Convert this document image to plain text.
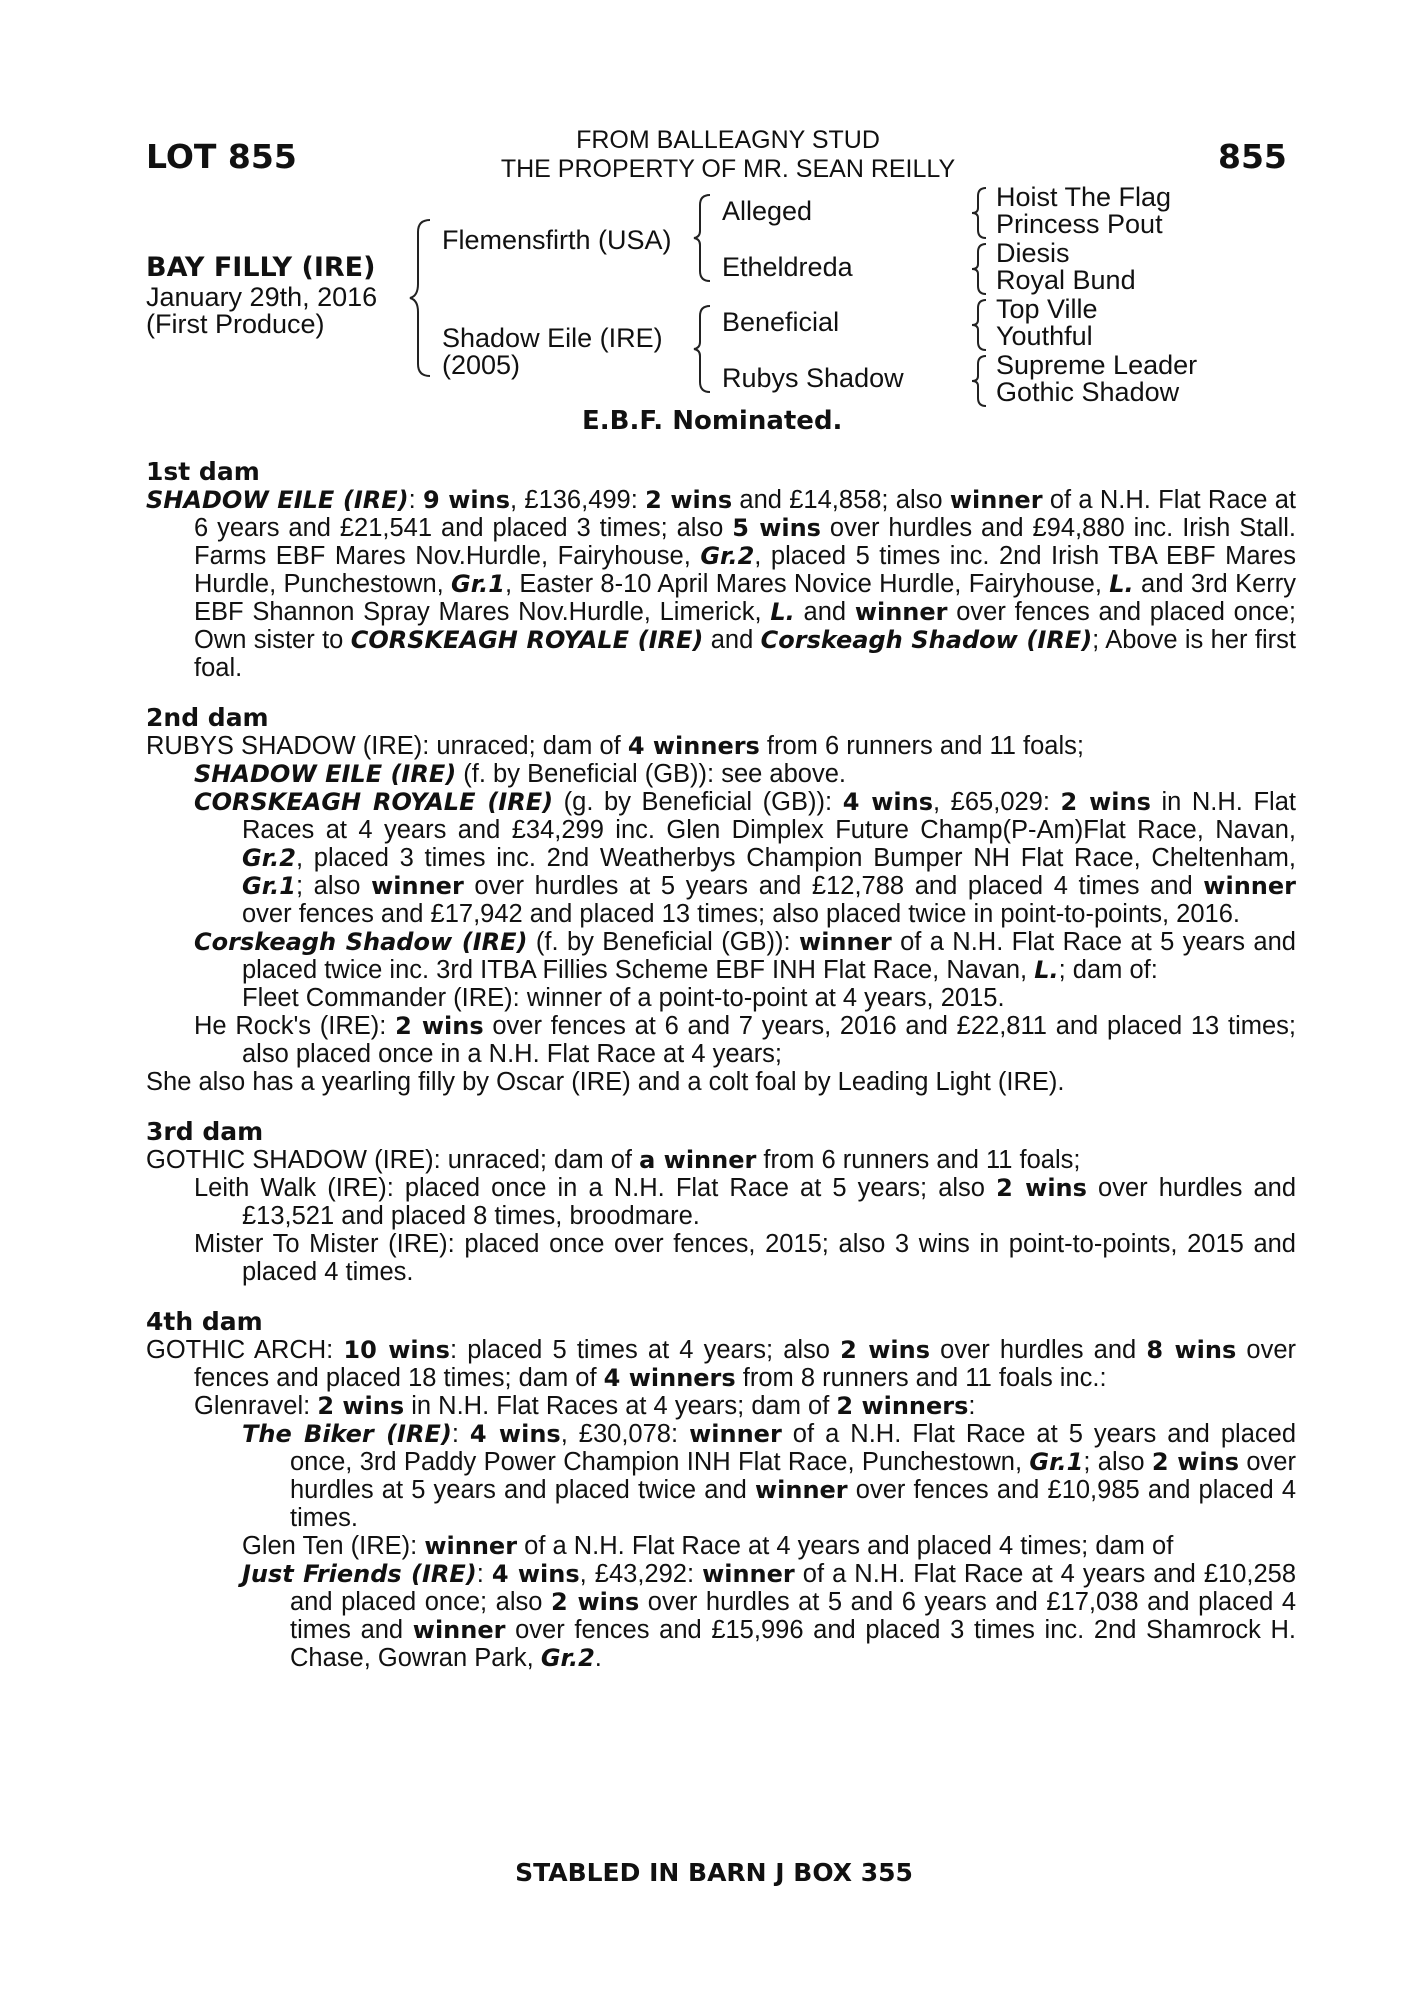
LOT 855	855
FROM BALLEAGNY STUD
THE PROPERTY OF MR. SEAN REILLY
BAY FILLY (IRE)
January 29th, 2016
(First Produce)
Flemensfirth (USA)
Shadow Eile (IRE)
(2005)
Alleged
Etheldreda
Beneficial
Rubys Shadow
Hoist The Flag
Princess Pout
Diesis
Royal Bund
Top Ville
Youthful
Supreme Leader
Gothic Shadow
E.B.F. Nominated.
1st dam
SHADOW EILE (IRE): 9 wins, £136,499: 2 wins and £14,858; also winner of a N.H. Flat Race at 6 years and £21,541 and placed 3 times; also 5 wins over hurdles and £94,880 inc. Irish Stall. Farms EBF Mares Nov.Hurdle, Fairyhouse, Gr.2, placed 5 times inc. 2nd Irish TBA EBF Mares Hurdle, Punchestown, Gr.1, Easter 8-10 April Mares Novice Hurdle, Fairyhouse, L. and 3rd Kerry EBF Shannon Spray Mares Nov.Hurdle, Limerick, L. and winner over fences and placed once; Own sister to CORSKEAGH ROYALE (IRE) and Corskeagh Shadow (IRE); Above is her first foal.
2nd dam
RUBYS SHADOW (IRE): unraced; dam of 4 winners from 6 runners and 11 foals;
SHADOW EILE (IRE) (f. by Beneficial (GB)): see above.
CORSKEAGH ROYALE (IRE) (g. by Beneficial (GB)): 4 wins, £65,029: 2 wins in N.H. Flat Races at 4 years and £34,299 inc. Glen Dimplex Future Champ(P-Am)Flat Race, Navan, Gr.2, placed 3 times inc. 2nd Weatherbys Champion Bumper NH Flat Race, Cheltenham, Gr.1; also winner over hurdles at 5 years and £12,788 and placed 4 times and winner over fences and £17,942 and placed 13 times; also placed twice in point-to-points, 2016.
Corskeagh Shadow (IRE) (f. by Beneficial (GB)): winner of a N.H. Flat Race at 5 years and placed twice inc. 3rd ITBA Fillies Scheme EBF INH Flat Race, Navan, L.; dam of:
Fleet Commander (IRE): winner of a point-to-point at 4 years, 2015.
He Rock's (IRE): 2 wins over fences at 6 and 7 years, 2016 and £22,811 and placed 13 times; also placed once in a N.H. Flat Race at 4 years;
She also has a yearling filly by Oscar (IRE) and a colt foal by Leading Light (IRE).
3rd dam
GOTHIC SHADOW (IRE): unraced; dam of a winner from 6 runners and 11 foals;
Leith Walk (IRE): placed once in a N.H. Flat Race at 5 years; also 2 wins over hurdles and £13,521 and placed 8 times, broodmare.
Mister To Mister (IRE): placed once over fences, 2015; also 3 wins in point-to-points, 2015 and placed 4 times.
4th dam
GOTHIC ARCH: 10 wins: placed 5 times at 4 years; also 2 wins over hurdles and 8 wins over fences and placed 18 times; dam of 4 winners from 8 runners and 11 foals inc.:
Glenravel: 2 wins in N.H. Flat Races at 4 years; dam of 2 winners:
The Biker (IRE): 4 wins, £30,078: winner of a N.H. Flat Race at 5 years and placed once, 3rd Paddy Power Champion INH Flat Race, Punchestown, Gr.1; also 2 wins over hurdles at 5 years and placed twice and winner over fences and £10,985 and placed 4 times.
Glen Ten (IRE): winner of a N.H. Flat Race at 4 years and placed 4 times; dam of
Just Friends (IRE): 4 wins, £43,292: winner of a N.H. Flat Race at 4 years and £10,258 and placed once; also 2 wins over hurdles at 5 and 6 years and £17,038 and placed 4 times and winner over fences and £15,996 and placed 3 times inc. 2nd Shamrock H. Chase, Gowran Park, Gr.2.
STABLED IN BARN J BOX 355
